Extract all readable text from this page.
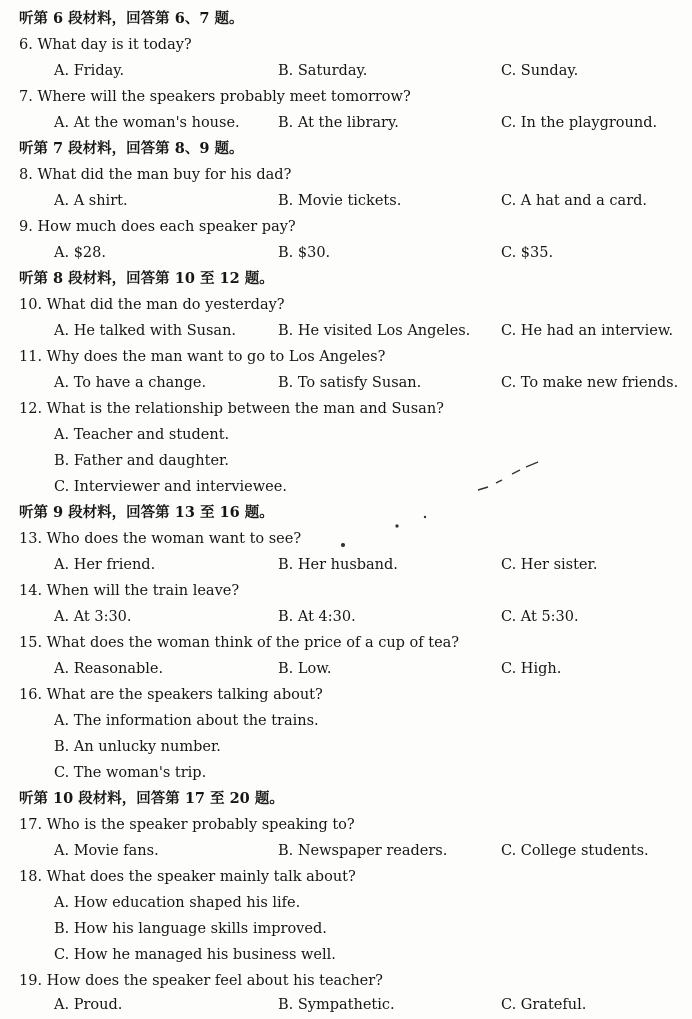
听第 6 段材料，回答第 6、7 题。
6. What day is it today?
A. Friday.	B. Saturday.	C. Sunday.
7. Where will the speakers probably meet tomorrow?
A. At the woman's house.	B. At the library.	C. In the playground.
听第 7 段材料，回答第 8、9 题。
8. What did the man buy for his dad?
A. A shirt.	B. Movie tickets.	C. A hat and a card.
9. How much does each speaker pay?
A. $28.	B. $30.	C. $35.
听第 8 段材料，回答第 10 至 12 题。
10. What did the man do yesterday?
A. He talked with Susan.	B. He visited Los Angeles. C. He had an interview.
11. Why does the man want to go to Los Angeles?
A. To have a change.	B. To satisfy Susan.	C. To make new friends.
12. What is the relationship between the man and Susan?
A. Teacher and student.
B. Father and daughter.
C. Interviewer and interviewee.
听第 9 段材料，回答第 13 至 16 题。
13. Who does the woman want to see?
A. Her friend.	B. Her husband.	C. Her sister.
14. When will the train leave?
A. At 3:30.	B. At 4:30.	C. At 5:30.
15. What does the woman think of the price of a cup of tea?
A. Reasonable.	B. Low.	C. High.
16. What are the speakers talking about?
A. The information about the trains.
B. An unlucky number.
C. The woman's trip.
听第 10 段材料，回答第 17 至 20 题。
17. Who is the speaker probably speaking to?
A. Movie fans.	B. Newspaper readers.	C. College students.
18. What does the speaker mainly talk about?
A. How education shaped his life.
B. How his language skills improved.
C. How he managed his business well.
19. How does the speaker feel about his teacher?
A. Proud.	B. Sympathetic.	C. Grateful.
